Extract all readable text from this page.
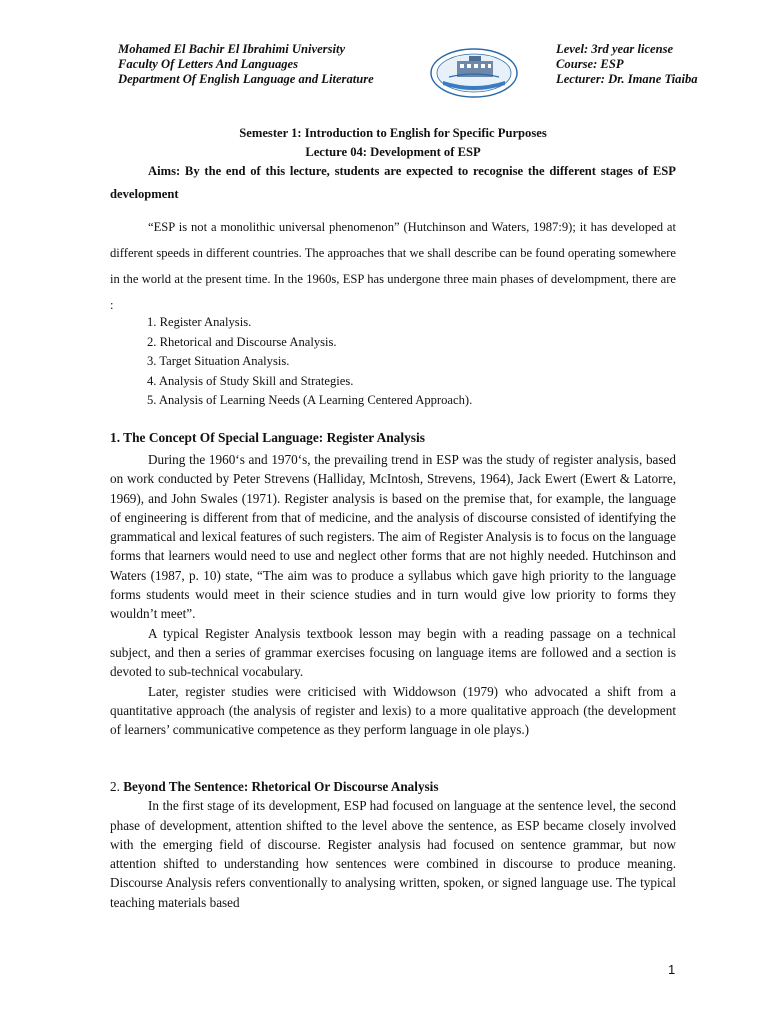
Mohamed El Bachir El Ibrahimi University
Faculty Of Letters And Languages
Department Of English Language and Literature
Level: 3rd year license
Course: ESP
Lecturer: Dr. Imane Tiaiba
Semester 1: Introduction to English for Specific Purposes
Lecture 04: Development of ESP
Aims: By the end of this lecture, students are expected to recognise the different stages of ESP development

“ESP is not a monolithic universal phenomenon” (Hutchinson and Waters, 1987:9); it has developed at different speeds in different countries. The approaches that we shall describe can be found operating somewhere in the world at the present time. In the 1960s, ESP has undergone three main phases of develompment, there are :

1. Register Analysis.
2. Rhetorical and Discourse Analysis.
3. Target Situation Analysis.
4. Analysis of Study Skill and Strategies.
5. Analysis of Learning Needs (A Learning Centered Approach).
1. The Concept Of Special Language: Register Analysis

During the 1960‘s and 1970‘s, the prevailing trend in ESP was the study of register analysis, based on work conducted by Peter Strevens (Halliday, McIntosh, Strevens, 1964), Jack Ewert (Ewert & Latorre, 1969), and John Swales (1971). Register analysis is based on the premise that, for example, the language of engineering is different from that of medicine, and the analysis of discourse consisted of identifying the grammatical and lexical features of such registers. The aim of Register Analysis is to focus on the language forms that learners would need to use and neglect other forms that are not highly needed. Hutchinson and Waters (1987, p. 10) state, “The aim was to produce a syllabus which gave high priority to the language forms students would meet in their science studies and in turn would give low priority to forms they wouldn’t meet”.

A typical Register Analysis textbook lesson may begin with a reading passage on a technical subject, and then a series of grammar exercises focusing on language items are followed and a section is devoted to sub-technical vocabulary.

Later, register studies were criticised with Widdowson (1979) who advocated a shift from a quantitative approach (the analysis of register and lexis) to a more qualitative approach (the development of learners’ communicative competence as they perform language in ole plays.)

2. Beyond The Sentence: Rhetorical Or Discourse Analysis

In the first stage of its development, ESP had focused on language at the sentence level, the second phase of development, attention shifted to the level above the sentence, as ESP became closely involved with the emerging field of discourse. Register analysis had focused on sentence grammar, but now attention shifted to understanding how sentences were combined in discourse to produce meaning. Discourse Analysis refers conventionally to analysing written, spoken, or signed language use. The typical teaching materials based

1
